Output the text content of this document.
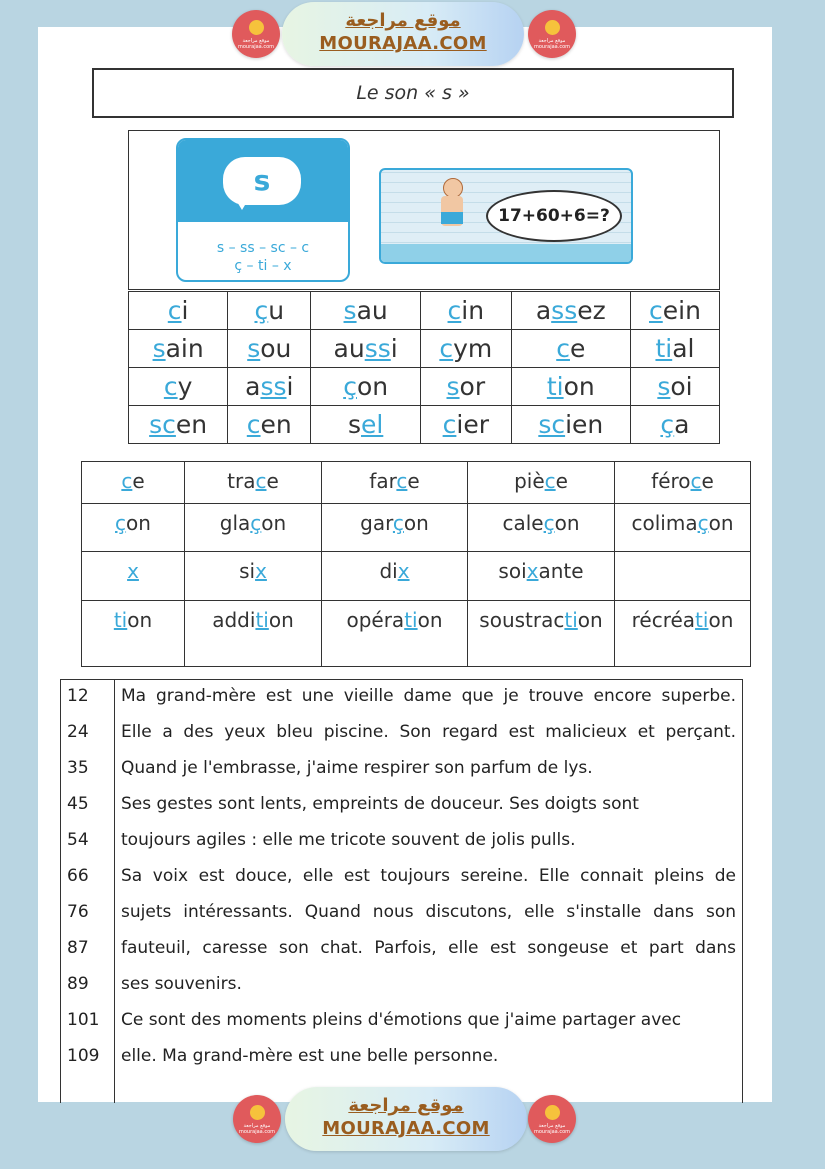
Le son « s »
s
s – ss – sc – c
ç – ti – x
17+60+6=?
ci	çu	sau	cin	assez	cein
sain	sou	aussi	cym	ce	tial
cy	assi	çon	sor	tion	soi
scen	cen	sel	cier	scien	ça
ce	trace	farce	pièce	féroce
çon	glaçon	garçon	caleçon	colimaçon
x	six	dix	soixante	
tion	addition	opération	soustraction	récréation
12	Ma grand-mère est une vieille dame que je trouve encore superbe.
24	Elle a des yeux bleu piscine. Son regard est malicieux et perçant.
35	Quand je l'embrasse, j'aime respirer son parfum de lys.
45	Ses gestes sont lents, empreints de douceur. Ses doigts sont
54	toujours agiles : elle me tricote souvent de jolis pulls.
66	Sa voix est douce, elle est toujours sereine. Elle connait pleins de
76	sujets intéressants. Quand nous discutons, elle s'installe dans son
87	fauteuil, caresse son chat. Parfois, elle est songeuse et part dans
89	ses souvenirs.
101	Ce sont des moments pleins d'émotions que j'aime partager avec
109	elle. Ma grand-mère est une belle personne.
موقع مراجعة
mourajaa.com
موقع مراجعة
MOURAJAA.COM	موقع مراجعة
mourajaa.com
موقع مراجعة
mourajaa.com
موقع مراجعة
MOURAJAA.COM	موقع مراجعة
mourajaa.com
